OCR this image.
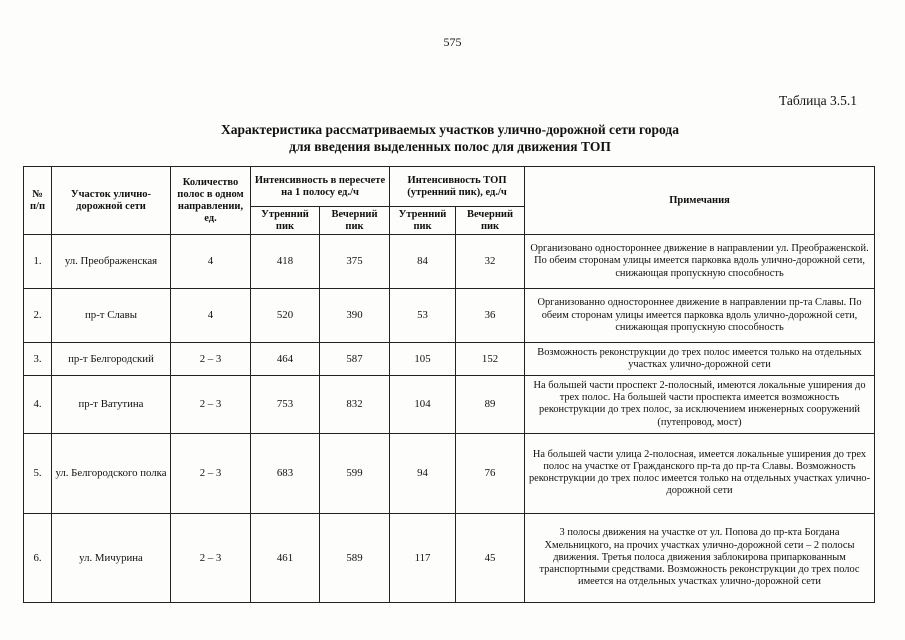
575
Таблица 3.5.1
Характеристика рассматриваемых участков улично-дорожной сети города
для введения выделенных полос для движения ТОП
№ п/п	Участок улично-дорожной сети	Количество полос в одном направлении, ед.	Интенсивность в пересчете на 1 полосу ед./ч		Интенсивность ТОП (утренний пик), ед./ч		Примечания
			Утренний пик	Вечерний пик	Утренний пик	Вечерний пик	
1.	ул. Преображенская	4	418	375	84	32	Организовано одностороннее движение в направлении ул. Преображенской. По обеим сторонам улицы имеется парковка вдоль улично-дорожной сети, снижающая пропускную способность
2.	пр-т Славы	4	520	390	53	36	Организованно одностороннее движение в направлении пр-та Славы. По обеим сторонам улицы имеется парковка вдоль улично-дорожной сети, снижающая пропускную способность
3.	пр-т Белгородский	2 – 3	464	587	105	152	Возможность реконструкции до трех полос имеется только на отдельных участках улично-дорожной сети
4.	пр-т Ватутина	2 – 3	753	832	104	89	На большей части проспект 2-полосный, имеются локальные уширения до трех полос. На большей части проспекта имеется возможность реконструкции до трех полос, за исключением инженерных сооружений (путепровод, мост)
5.	ул. Белгородского полка	2 – 3	683	599	94	76	На большей части улица 2-полосная, имеется локальные уширения до трех полос на участке от Гражданского пр-та до пр-та Славы. Возможность реконструкции до трех полос имеется только на отдельных участках улично-дорожной сети
6.	ул. Мичурина	2 – 3	461	589	117	45	3 полосы движения на участке от ул. Попова до пр-кта Богдана Хмельницкого, на прочих участках улично-дорожной сети – 2 полосы движения. Третья полоса движения заблокирова припаркованным транспортными средствами. Возможность реконструкции до трех полос имеется на отдельных участках улично-дорожной сети
